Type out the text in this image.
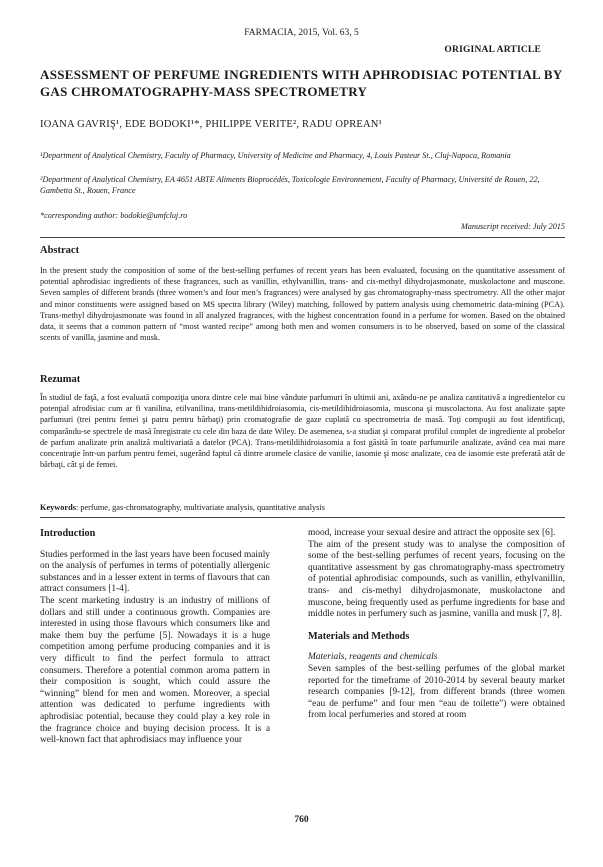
FARMACIA, 2015, Vol. 63, 5
ORIGINAL ARTICLE
ASSESSMENT OF PERFUME INGREDIENTS WITH APHRODISIAC POTENTIAL BY GAS CHROMATOGRAPHY-MASS SPECTROMETRY
IOANA GAVRIŞ¹, EDE BODOKI¹*, PHILIPPE VERITE², RADU OPREAN¹
¹Department of Analytical Chemistry, Faculty of Pharmacy, University of Medicine and Pharmacy, 4, Louis Pasteur St., Cluj-Napoca, Romania
²Department of Analytical Chemistry, EA 4651 ABTE Aliments Bioprocédés, Toxicologie Environnement, Faculty of Pharmacy, Université de Rouen, 22, Gambetta St., Rouen, France
*corresponding author: bodokie@umfcluj.ro
Manuscript received: July 2015
Abstract
In the present study the composition of some of the best-selling perfumes of recent years has been evaluated, focusing on the quantitative assessment of potential aphrodisiac ingredients of these fragrances, such as vanillin, ethylvanillin, trans- and cis-methyl dihydrojasmonate, muskolactone and muscone. Seven samples of different brands (three women’s and four men’s fragrances) were analysed by gas chromatography-mass spectrometry. All the other major and minor constituents were assigned based on MS spectra library (Wiley) matching, followed by pattern analysis using chemometric data-mining (PCA). Trans-methyl dihydrojasmonate was found in all analyzed fragrances, with the highest concentration found in a perfume for women. Based on the obtained data, it seems that a common pattern of “most wanted recipe” among both men and women consumers is to be observed, based on some of the classical scents of vanilla, jasmine and musk.
Rezumat
În studiul de faţă, a fost evaluată compoziţia unora dintre cele mai bine vândute parfumuri în ultimii ani, axându-ne pe analiza cantitativă a ingredientelor cu potenţial afrodisiac cum ar fi vanilina, etilvanilina, trans-metildihidroiasomia, cis-metildihidroiasomia, muscona şi muscolactona. Au fost analizate şapte parfumuri (trei pentru femei şi patru pentru bărbaţi) prin cromatografie de gaze cuplată cu spectrometria de masă. Toţi compuşii au fost identificaţi, comparându-se spectrele de masă înregistrate cu cele din baza de date Wiley. De asemenea, s-a studiat şi comparat profilul complet de ingrediente al probelor de parfum analizate prin analiză multivariată a datelor (PCA). Trans-metildihidroiasomia a fost găsită în toate parfumurile analizate, având cea mai mare concentraţie într-un parfum pentru femei, sugerând faptul că dintre aromele clasice de vanilie, iasomie şi mosc analizate, cea de iasomie este preferată atât de bărbaţi, cât şi de femei.
Keywords: perfume, gas-chromatography, multivariate analysis, quantitative analysis
Introduction

Studies performed in the last years have been focused mainly on the analysis of perfumes in terms of potentially allergenic substances and in a lesser extent in terms of flavours that can attract consumers [1-4].

The scent marketing industry is an industry of millions of dollars and still under a continuous growth. Companies are interested in using those flavours which consumers like and make them buy the perfume [5]. Nowadays it is a huge competition among perfume producing companies and it is very difficult to find the perfect formula to attract consumers. Therefore a potential common aroma pattern in their composition is sought, which could assure the “winning” blend for men and women. Moreover, a special attention was dedicated to perfume ingredients with aphrodisiac potential, because they could play a key role in the fragrance choice and buying decision process. It is a well-known fact that aphrodisiacs may influence your

mood, increase your sexual desire and attract the opposite sex [6].

The aim of the present study was to analyse the composition of some of the best-selling perfumes of recent years, focusing on the quantitative assessment by gas chromatography-mass spectrometry of potential aphrodisiac compounds, such as vanillin, ethylvanillin, trans- and cis-methyl dihydrojasmonate, muskolactone and muscone, being frequently used as perfume ingredients for base and middle notes in perfumery such as jasmine, vanilla and musk [7, 8].

Materials and Methods

Materials, reagents and chemicals

Seven samples of the best-selling perfumes of the global market reported for the timeframe of 2010-2014 by several beauty market research companies [9-12], from different brands (three women “eau de perfume” and four men “eau de toilette”) were obtained from local perfumeries and stored at room

760
